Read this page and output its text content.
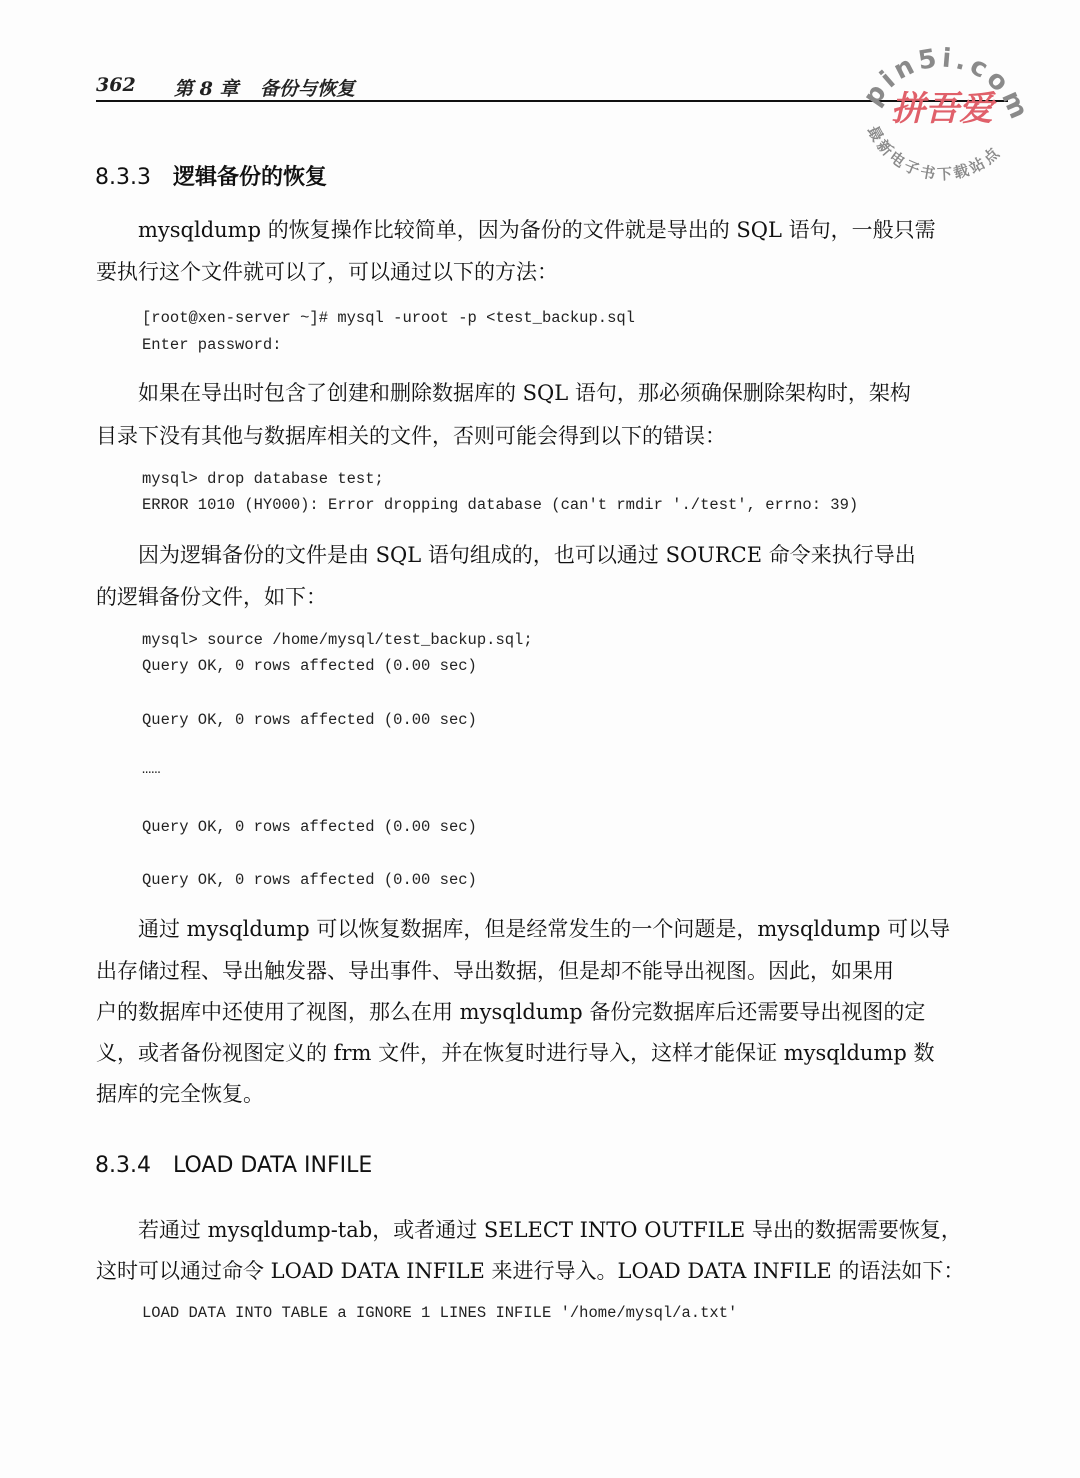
362 第 8 章 备份与恢复	pin5i.com
拼吾爱
最新电子书下载站点
8.3.3 逻辑备份的恢复
mysqldump 的恢复操作比较简单，因为备份的文件就是导出的 SQL 语句，一般只需
要执行这个文件就可以了，可以通过以下的方法：
[root@xen-server ~]# mysql -uroot -p <test_backup.sql
Enter password:
如果在导出时包含了创建和删除数据库的 SQL 语句，那必须确保删除架构时，架构
目录下没有其他与数据库相关的文件，否则可能会得到以下的错误：
mysql> drop database test;
ERROR 1010 (HY000): Error dropping database (can't rmdir './test', errno: 39)
因为逻辑备份的文件是由 SQL 语句组成的，也可以通过 SOURCE 命令来执行导出
的逻辑备份文件，如下：
mysql> source /home/mysql/test_backup.sql;
Query OK, 0 rows affected (0.00 sec)
Query OK, 0 rows affected (0.00 sec)
……
Query OK, 0 rows affected (0.00 sec)
Query OK, 0 rows affected (0.00 sec)
通过 mysqldump 可以恢复数据库，但是经常发生的一个问题是，mysqldump 可以导
出存储过程、导出触发器、导出事件、导出数据，但是却不能导出视图。因此，如果用
户的数据库中还使用了视图，那么在用 mysqldump 备份完数据库后还需要导出视图的定
义，或者备份视图定义的 frm 文件，并在恢复时进行导入，这样才能保证 mysqldump 数
据库的完全恢复。
8.3.4 LOAD DATA INFILE
若通过 mysqldump-tab，或者通过 SELECT INTO OUTFILE 导出的数据需要恢复，
这时可以通过命令 LOAD DATA INFILE 来进行导入。LOAD DATA INFILE 的语法如下：
LOAD DATA INTO TABLE a IGNORE 1 LINES INFILE '/home/mysql/a.txt'
